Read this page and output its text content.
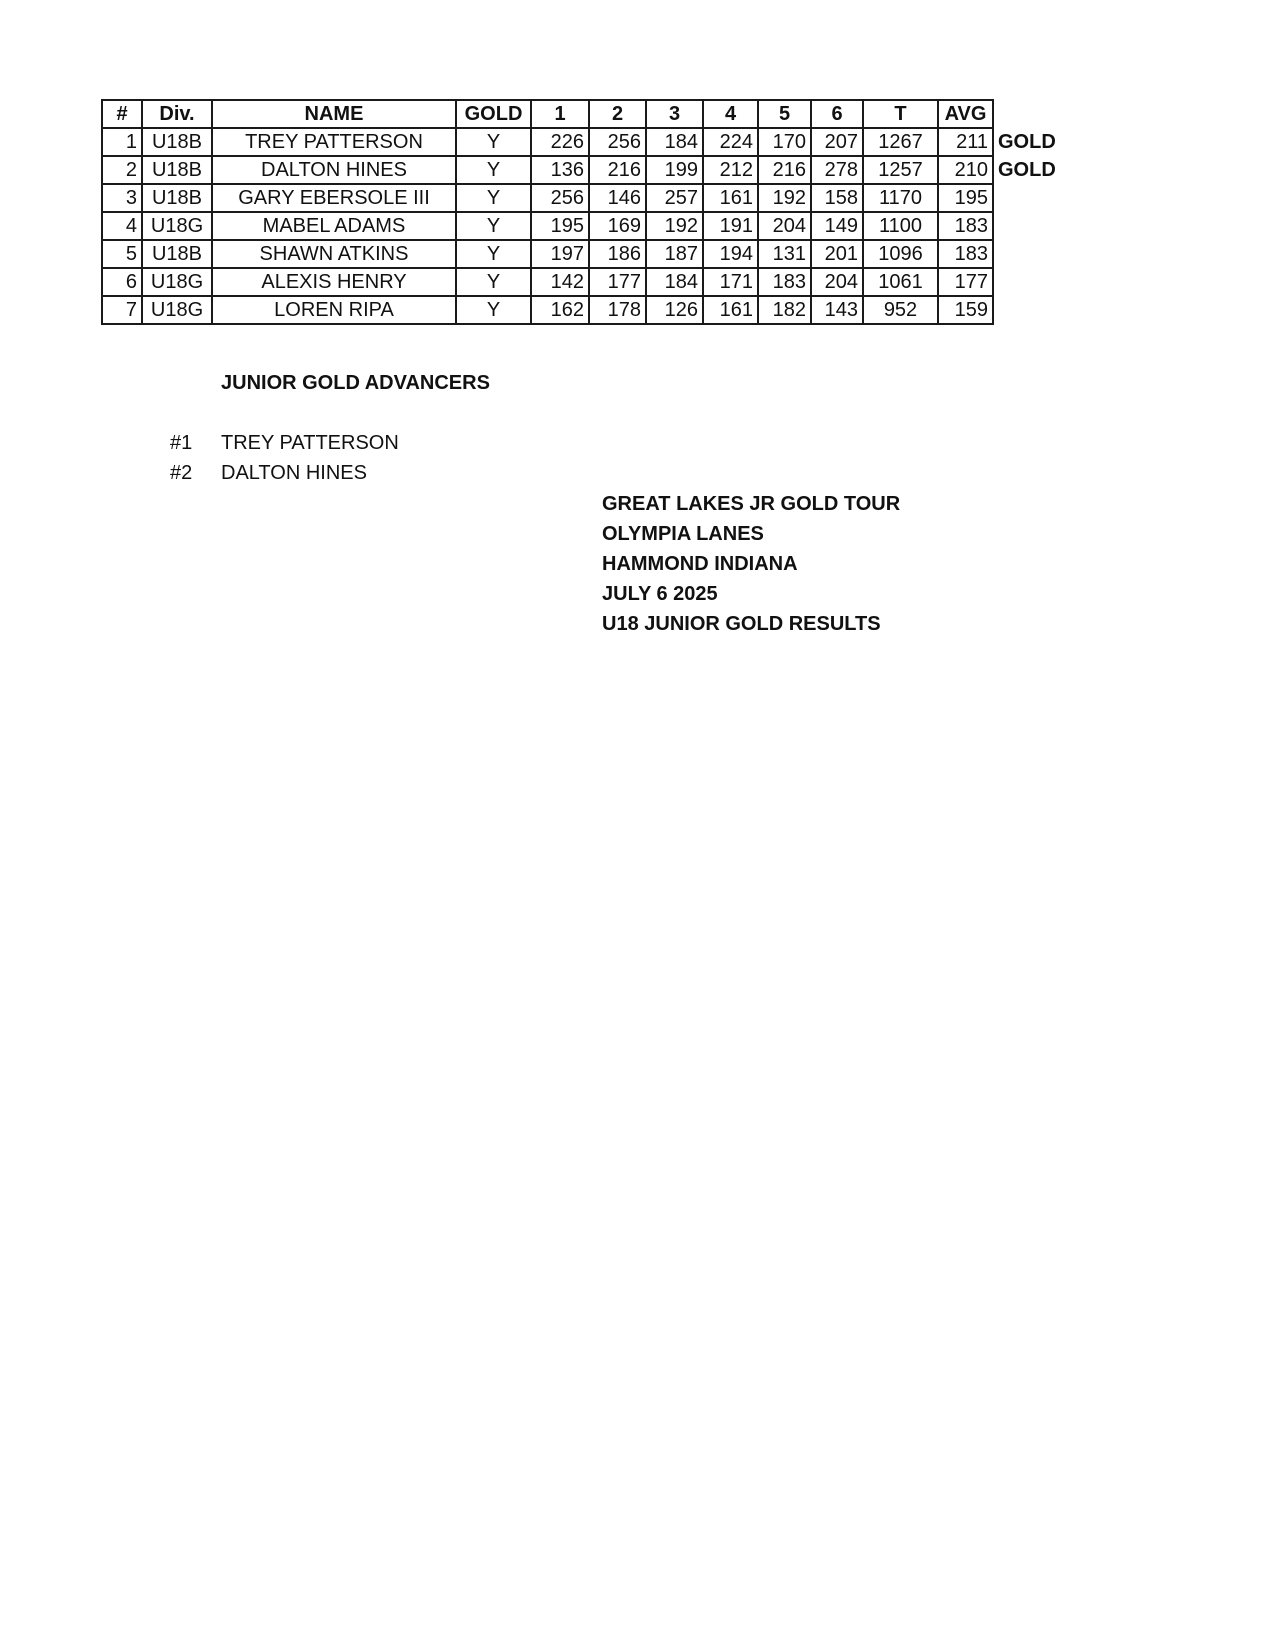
#	Div.	NAME	GOLD	1	2	3	4	5	6	T	AVG	
1	U18B	TREY PATTERSON	Y	226	256	184	224	170	207	1267	211	GOLD
2	U18B	DALTON HINES	Y	136	216	199	212	216	278	1257	210	GOLD
3	U18B	GARY EBERSOLE III	Y	256	146	257	161	192	158	1170	195	
4	U18G	MABEL ADAMS	Y	195	169	192	191	204	149	1100	183	
5	U18B	SHAWN ATKINS	Y	197	186	187	194	131	201	1096	183	
6	U18G	ALEXIS HENRY	Y	142	177	184	171	183	204	1061	177	
7	U18G	LOREN RIPA	Y	162	178	126	161	182	143	952	159	
JUNIOR GOLD ADVANCERS
#1 TREY PATTERSON
#2 DALTON HINES
GREAT LAKES JR GOLD TOUR
OLYMPIA LANES
HAMMOND INDIANA
JULY 6 2025
U18 JUNIOR GOLD RESULTS
